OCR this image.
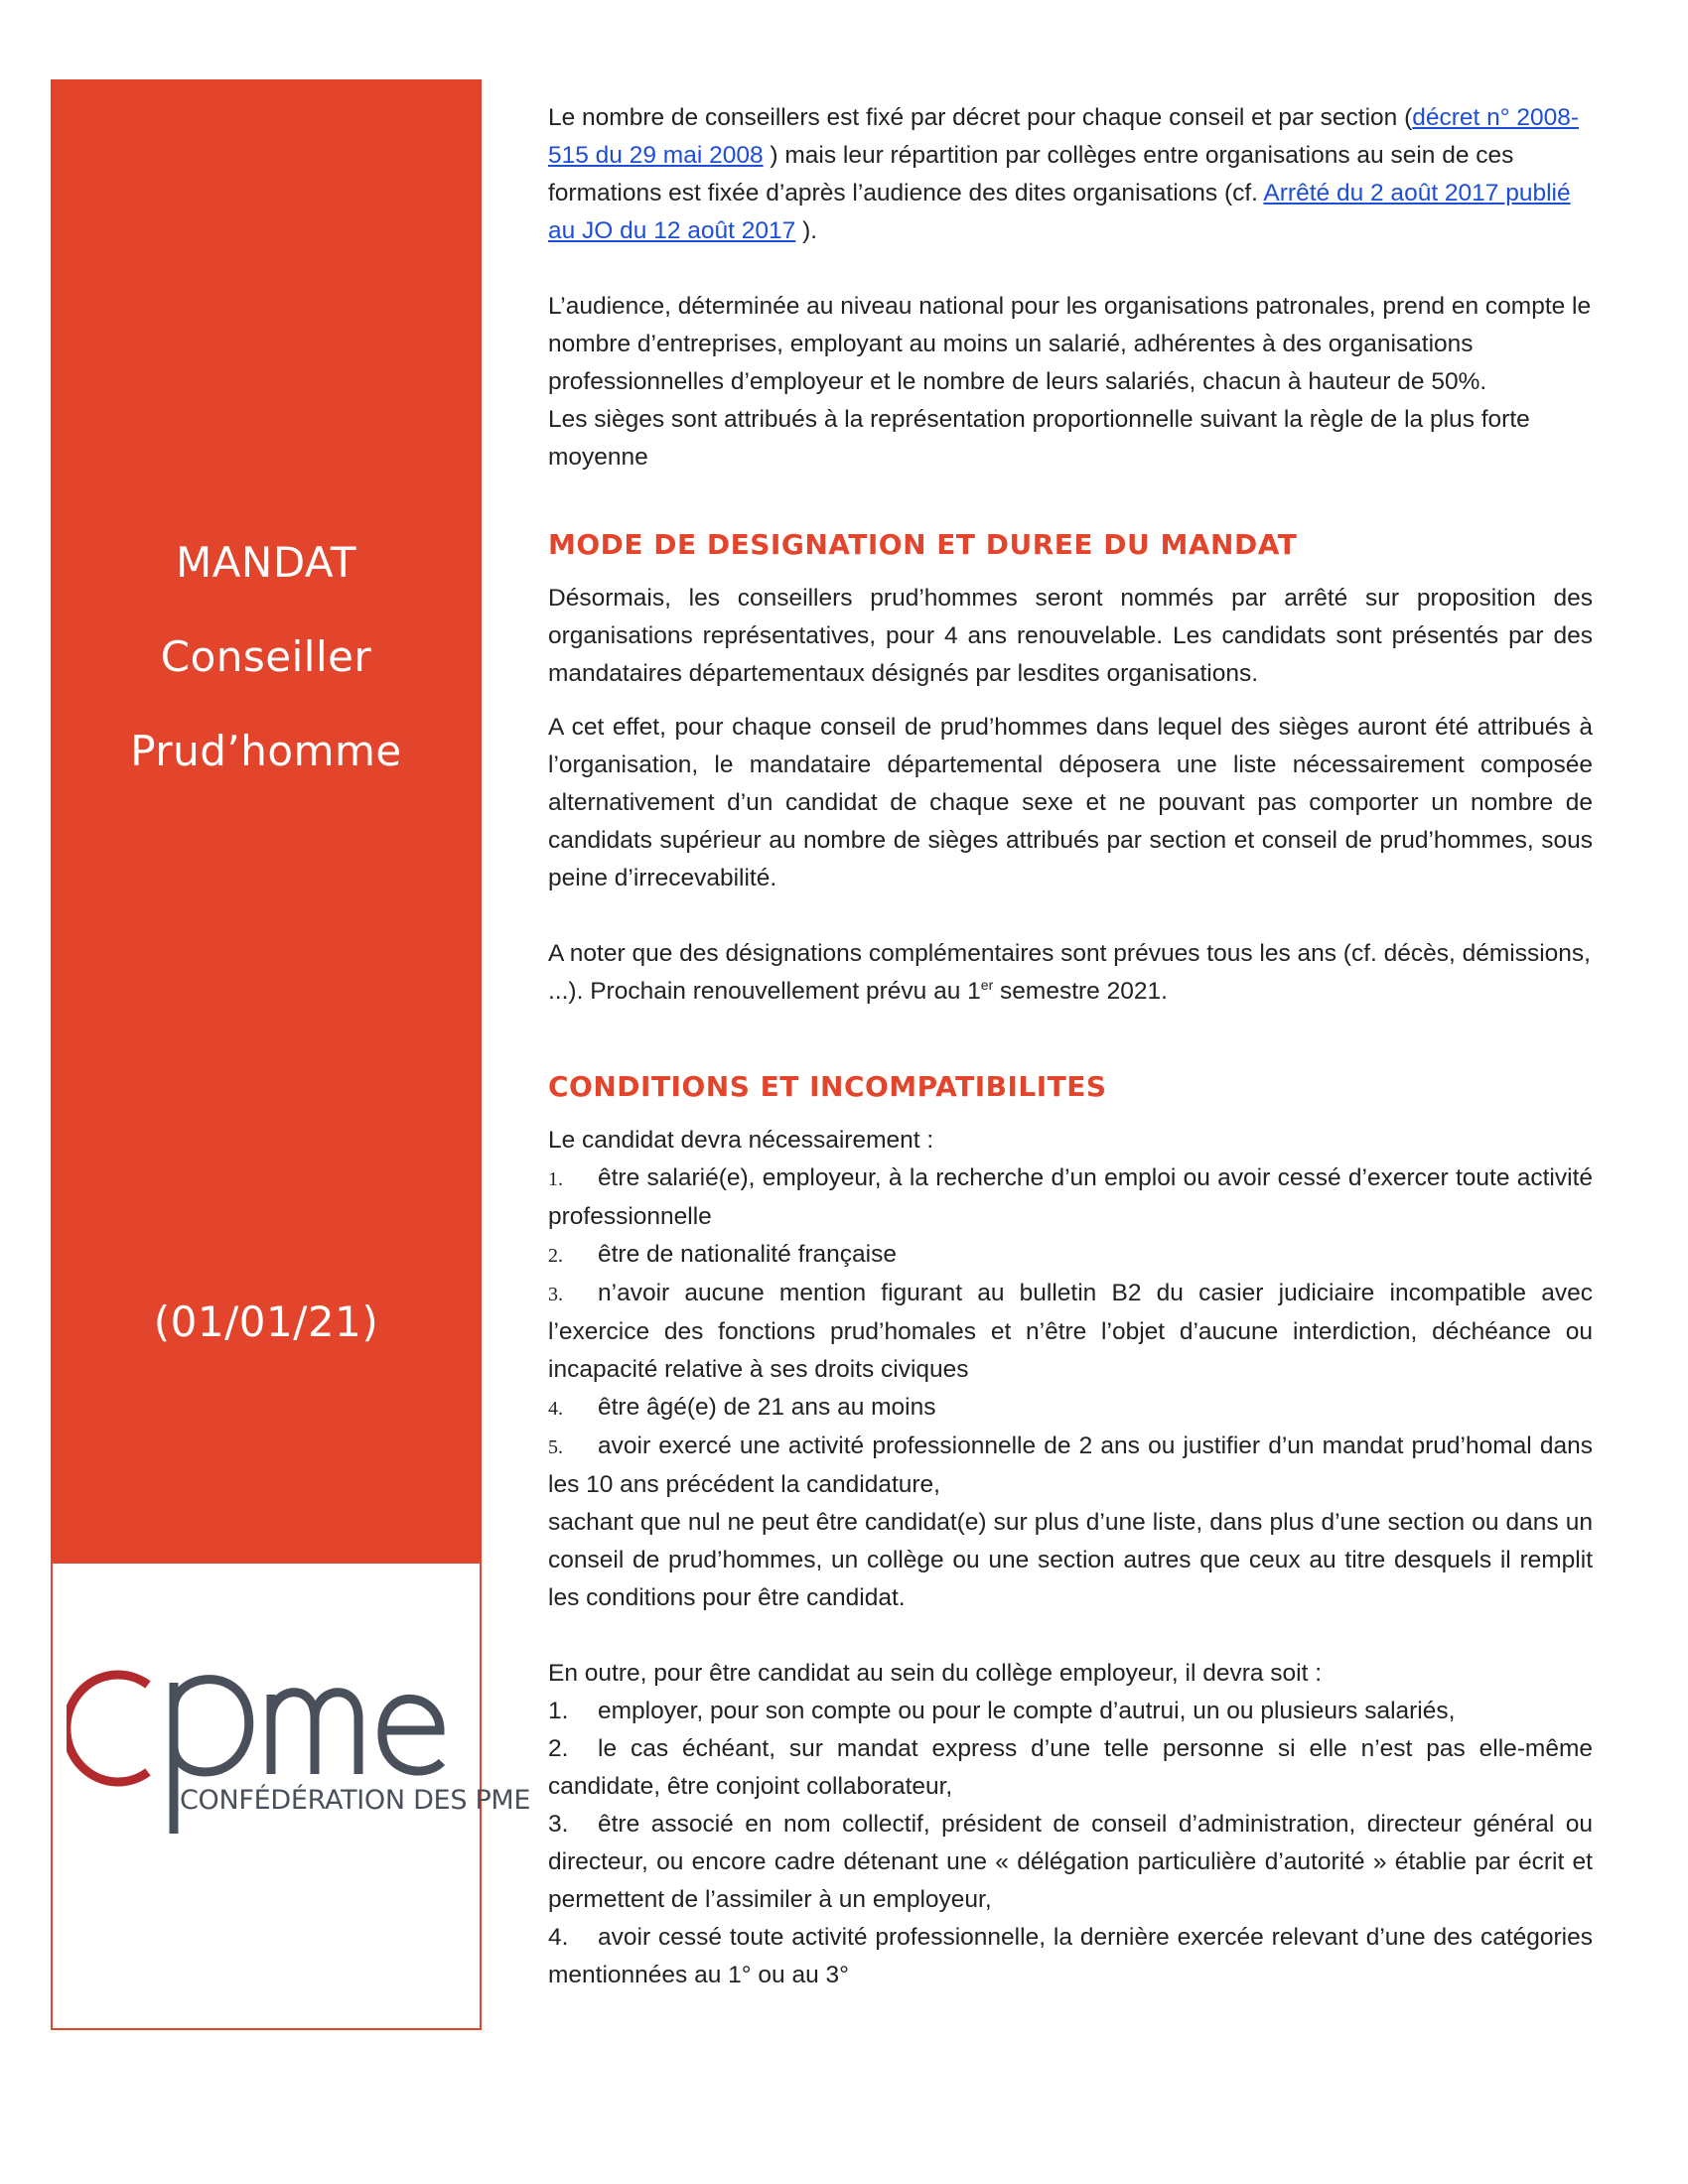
MANDAT
Conseiller
Prud’homme
(01/01/21)
CONFÉDÉRATION DES PME

Le nombre de conseillers est fixé par décret pour chaque conseil et par section (décret n° 2008-515 du 29 mai 2008 ) mais leur répartition par collèges entre organisations au sein de ces formations est fixée d’après l’audience des dites organisations (cf. Arrêté du 2 août 2017 publié au JO du 12 août 2017 ).

L’audience, déterminée au niveau national pour les organisations patronales, prend en compte le nombre d’entreprises, employant au moins un salarié, adhérentes à des organisations professionnelles d’employeur et le nombre de leurs salariés, chacun à hauteur de 50%.

Les sièges sont attribués à la représentation proportionnelle suivant la règle de la plus forte moyenne

MODE DE DESIGNATION ET DUREE DU MANDAT

Désormais, les conseillers prud’hommes seront nommés par arrêté sur proposition des organisations représentatives, pour 4 ans renouvelable. Les candidats sont présentés par des mandataires départementaux désignés par lesdites organisations.

A cet effet, pour chaque conseil de prud’hommes dans lequel des sièges auront été attribués à l’organisation, le mandataire départemental déposera une liste nécessairement composée alternativement d’un candidat de chaque sexe et ne pouvant pas comporter un nombre de candidats supérieur au nombre de sièges attribués par section et conseil de prud’hommes, sous peine d’irrecevabilité.

A noter que des désignations complémentaires sont prévues tous les ans (cf. décès, démissions, ...). Prochain renouvellement prévu au 1er semestre 2021.

CONDITIONS ET INCOMPATIBILITES

Le candidat devra nécessairement :

1. être salarié(e), employeur, à la recherche d’un emploi ou avoir cessé d’exercer toute activité professionnelle
2. être de nationalité française
3. n’avoir aucune mention figurant au bulletin B2 du casier judiciaire incompatible avec l’exercice des fonctions prud’homales et n’être l’objet d’aucune interdiction, déchéance ou incapacité relative à ses droits civiques
4. être âgé(e) de 21 ans au moins
5. avoir exercé une activité professionnelle de 2 ans ou justifier d’un mandat prud’homal dans les 10 ans précédent la candidature,

sachant que nul ne peut être candidat(e) sur plus d’une liste, dans plus d’une section ou dans un conseil de prud’hommes, un collège ou une section autres que ceux au titre desquels il remplit les conditions pour être candidat.

En outre, pour être candidat au sein du collège employeur, il devra soit :

1. employer, pour son compte ou pour le compte d’autrui, un ou plusieurs salariés,
2. le cas échéant, sur mandat express d’une telle personne si elle n’est pas elle-même candidate, être conjoint collaborateur,
3. être associé en nom collectif, président de conseil d’administration, directeur général ou directeur, ou encore cadre détenant une « délégation particulière d’autorité » établie par écrit et permettent de l’assimiler à un employeur,
4. avoir cessé toute activité professionnelle, la dernière exercée relevant d’une des catégories mentionnées au 1° ou au 3°
